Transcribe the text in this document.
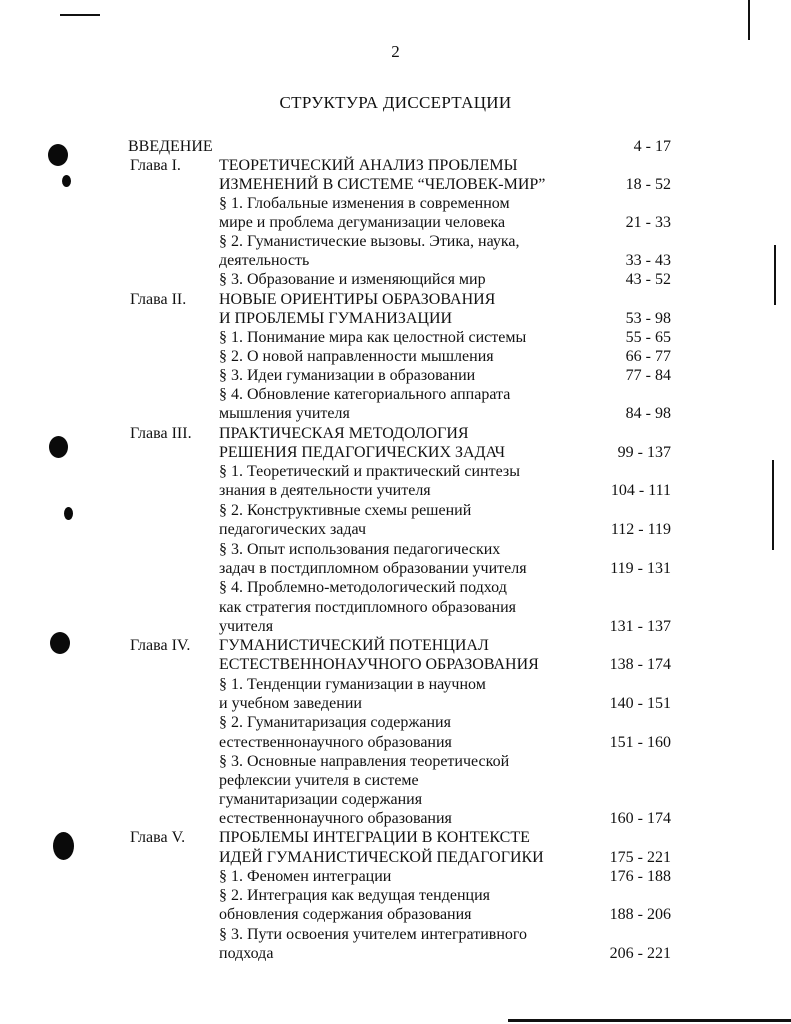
2
СТРУКТУРА ДИССЕРТАЦИИ
ВВЕДЕНИЕ	4 - 17
Глава I. ТЕОРЕТИЧЕСКИЙ АНАЛИЗ ПРОБЛЕМЫ
ИЗМЕНЕНИЙ В СИСТЕМЕ “ЧЕЛОВЕК-МИР”	18 - 52
§ 1. Глобальные изменения в современном
мире и проблема дегуманизации человека	21 - 33
§ 2. Гуманистические вызовы. Этика, наука,
деятельность	33 - 43
§ 3. Образование и изменяющийся мир	43 - 52
Глава II. НОВЫЕ ОРИЕНТИРЫ ОБРАЗОВАНИЯ
И ПРОБЛЕМЫ ГУМАНИЗАЦИИ	53 - 98
§ 1. Понимание мира как целостной системы	55 - 65
§ 2. О новой направленности мышления	66 - 77
§ 3. Идеи гуманизации в образовании	77 - 84
§ 4. Обновление категориального аппарата
мышления учителя	84 - 98
Глава III. ПРАКТИЧЕСКАЯ МЕТОДОЛОГИЯ
РЕШЕНИЯ ПЕДАГОГИЧЕСКИХ ЗАДАЧ	99 - 137
§ 1. Теоретический и практический синтезы
знания в деятельности учителя	104 - 111
§ 2. Конструктивные схемы решений
педагогических задач	112 - 119
§ 3. Опыт использования педагогических
задач в постдипломном образовании учителя	119 - 131
§ 4. Проблемно-методологический подход
как стратегия постдипломного образования
учителя	131 - 137
Глава IV. ГУМАНИСТИЧЕСКИЙ ПОТЕНЦИАЛ
ЕСТЕСТВЕННОНАУЧНОГО ОБРАЗОВАНИЯ	138 - 174
§ 1. Тенденции гуманизации в научном
и учебном заведении	140 - 151
§ 2. Гуманитаризация содержания
естественнонаучного образования	151 - 160
§ 3. Основные направления теоретической
рефлексии учителя в системе
гуманитаризации содержания
естественнонаучного образования	160 - 174
Глава V. ПРОБЛЕМЫ ИНТЕГРАЦИИ В КОНТЕКСТЕ
ИДЕЙ ГУМАНИСТИЧЕСКОЙ ПЕДАГОГИКИ	175 - 221
§ 1. Феномен интеграции	176 - 188
§ 2. Интеграция как ведущая тенденция
обновления содержания образования	188 - 206
§ 3. Пути освоения учителем интегративного
подхода	206 - 221
